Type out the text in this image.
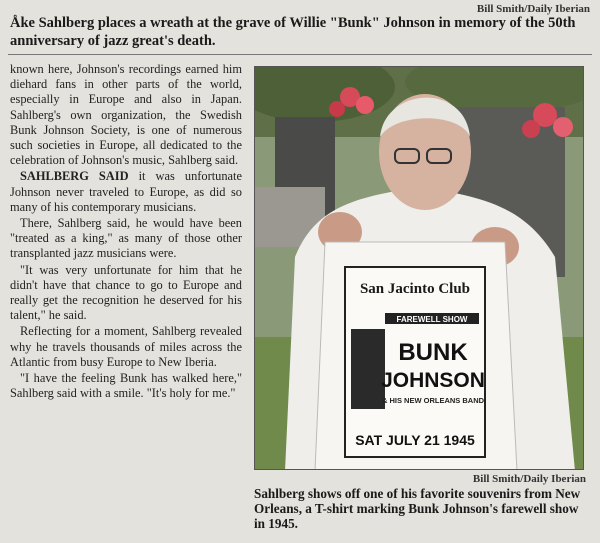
Bill Smith/Daily Iberian
Åke Sahlberg places a wreath at the grave of Willie "Bunk" Johnson in memory of the 50th anniversary of jazz great's death.

known here, Johnson's recordings earned him diehard fans in other parts of the world, especially in Europe and also in Japan. Sahlberg's own organization, the Swedish Bunk Johnson Society, is one of numerous such societies in Europe, all dedicated to the celebration of Johnson's music, Sahlberg said.

SAHLBERG SAID it was unfortunate Johnson never traveled to Europe, as did so many of his contemporary musicians.

There, Sahlberg said, he would have been "treated as a king," as many of those other transplanted jazz musicians were.

"It was very unfortunate for him that he didn't have that chance to go to Europe and really get the recognition he deserved for his talent," he said.

Reflecting for a moment, Sahlberg revealed why he travels thousands of miles across the Atlantic from busy Europe to New Iberia.

"I have the feeling Bunk has walked here," Sahlberg said with a smile. "It's holy for me."

San Jacinto Club
FAREWELL SHOW
BUNK
JOHNSON
& HIS NEW ORLEANS BAND
SAT JULY 21 1945
Bill Smith/Daily Iberian
Sahlberg shows off one of his favorite souvenirs from New Orleans, a T-shirt marking Bunk Johnson's farewell show in 1945.
